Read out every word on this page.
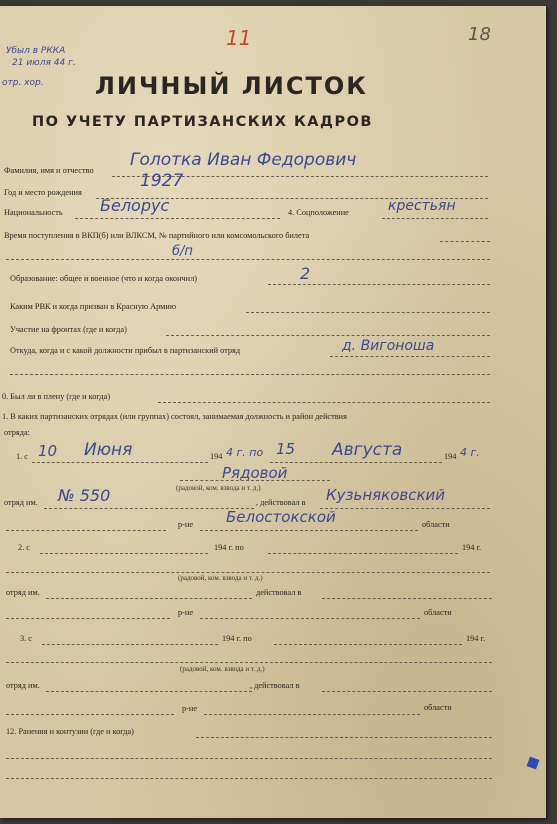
Убыл в РККА
21 июля 44 г.
отр. хор.
11	18
ЛИЧНЫЙ ЛИСТОК
ПО УЧЕТУ ПАРТИЗАНСКИХ КАДРОВ
Фамилия, имя и отчество
Голотка Иван Федорович
Год и место рождения
1927
Национальность Белорус	4. Соцположение	крестьян
Время поступления в ВКП(б) или ВЛКСМ, № партийного или комсомольского билета
б/п
Образование: общее и военное (что и когда окончил)	2
Каким РВК и когда призван в Красную Армию
Участие на фронтах (где и когда)
Откуда, когда и с какой должности прибыл в партизанский отряд	д. Вигоноша
0. Был ли в плену (где и когда)
1. В каких партизанских отрядах (или группах) состоял, занимаемая должность и район действия
отряда:
1. с 10 Июня	194 4 г. по 15 Августа	194 4 г.
Рядовой
(радовой, ком. взвода и т. д.)
отряд им. № 550	, действовал в Кузьняковский
р-не Белостокской	области
2. с	194 г. по	194 г.
(радовой, ком. взвода и т. д.)
отряд им.	действовал в
р-не	области
3. с	194 г. по	194 г.
(радовой, ком. взвода и т. д.)
отряд им.	, действовал в
р-не	области
12. Ранения и контузии (где и когда)
